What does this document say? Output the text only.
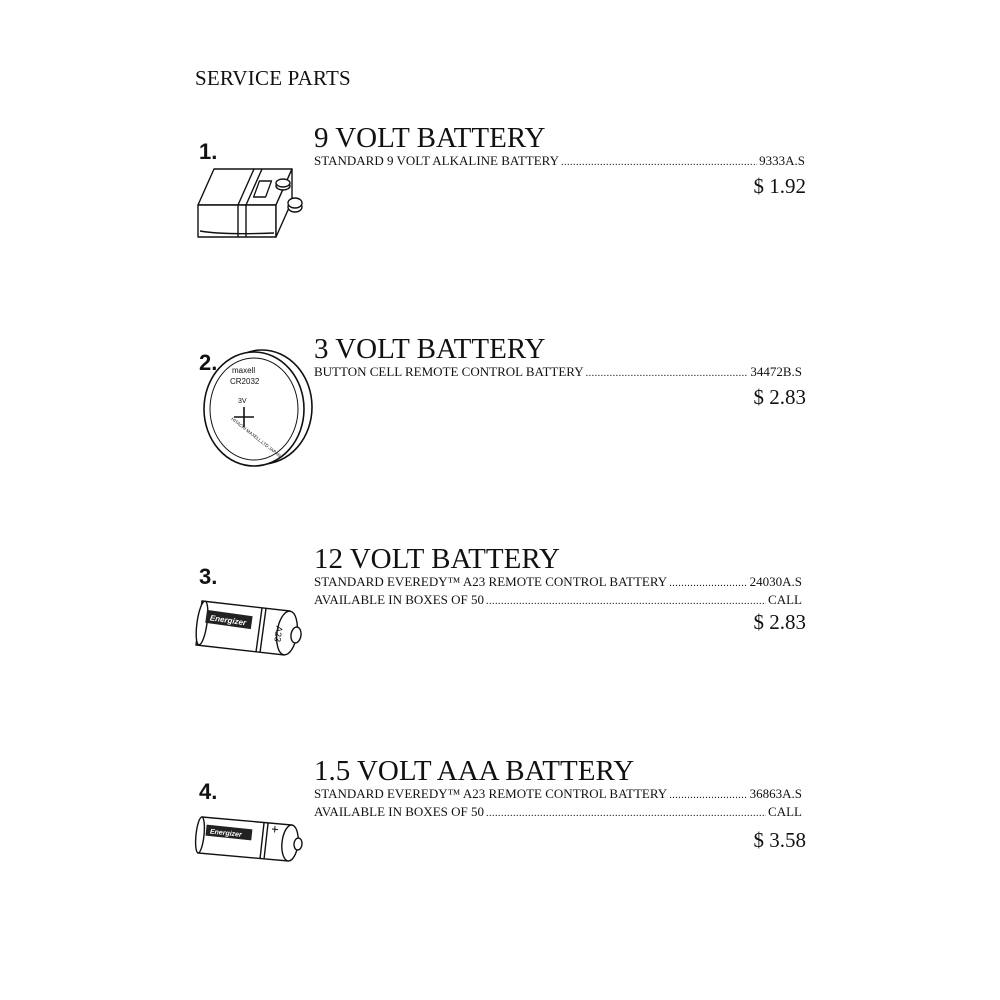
SERVICE PARTS
1.	9 VOLT BATTERY
STANDARD 9 VOLT ALKALINE BATTERY .....	9333A.S
$ 1.92
2. maxell
CR2032
3V
HITACHI MAXELL,LTD JAPAN
3 VOLT BATTERY
BUTTON CELL REMOTE CONTROL BATTERY .....	34472B.S
$ 2.83
3.
Energizer
A23
12 VOLT BATTERY
STANDARD EVEREDY™ A23 REMOTE CONTROL BATTERY .....	24030A.S
AVAILABLE IN BOXES OF 50 .....	CALL
$ 2.83
4.
Energizer
1.5 VOLT AAA BATTERY
STANDARD EVEREDY™ A23 REMOTE CONTROL BATTERY .....	36863A.S
AVAILABLE IN BOXES OF 50 .....	CALL
$ 3.58
